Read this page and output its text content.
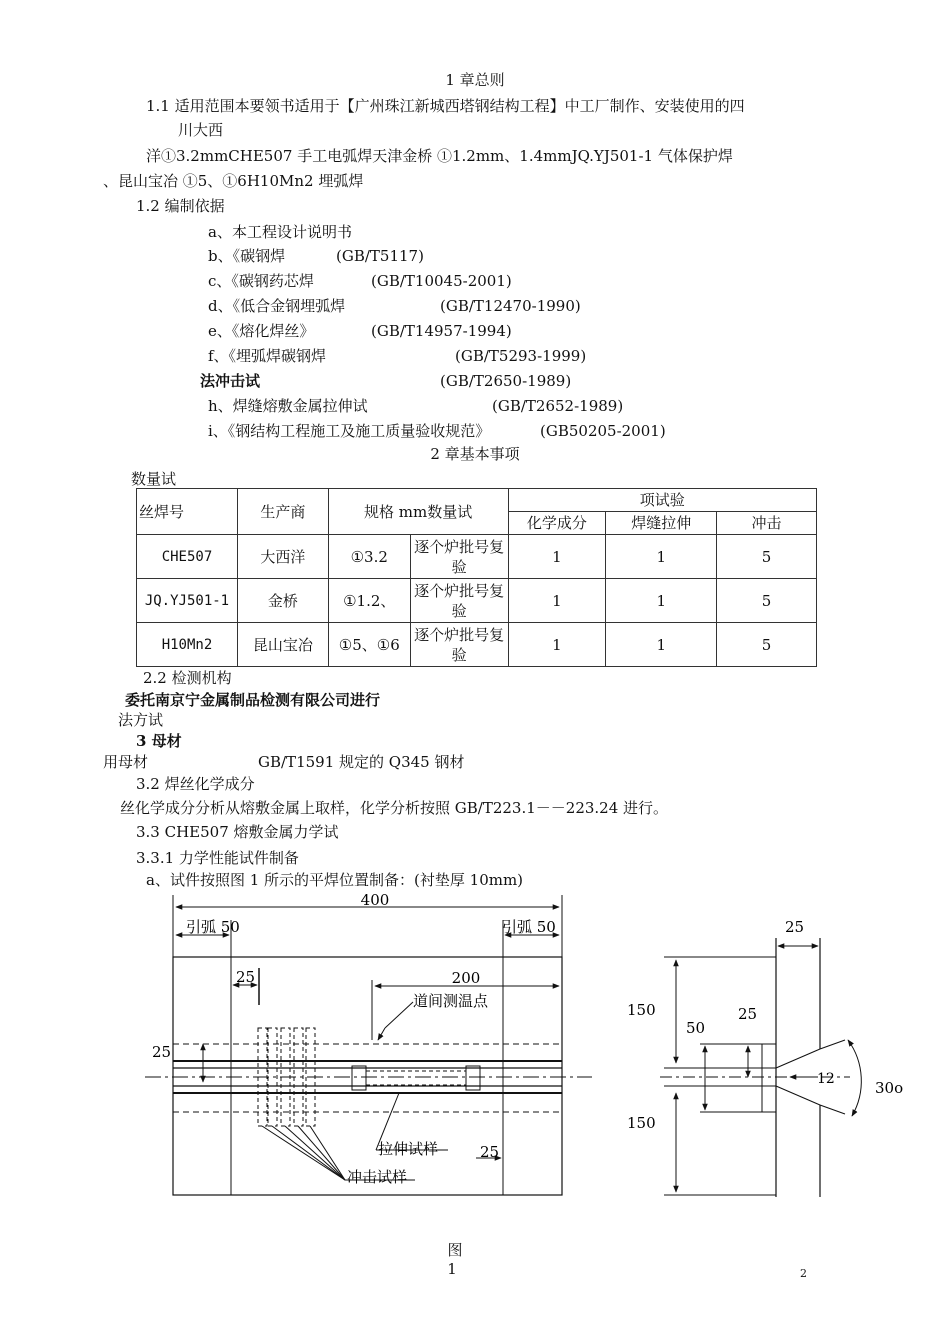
1 章总则
1.1 适用范围本要领书适用于【广州珠江新城西塔钢结构工程】中工厂制作、安装使用的四
川大西
洋①3.2mmCHE507 手工电弧焊天津金桥 ①1.2mm、1.4mmJQ.YJ501-1 气体保护焊
、昆山宝冶 ①5、①6H10Mn2 埋弧焊
1.2 编制依据
a、本工程设计说明书
b、《碳钢焊	(GB/T5117)
c、《碳钢药芯焊	(GB/T10045-2001)
d、《低合金钢埋弧焊	(GB/T12470-1990)
e、《熔化焊丝》	(GB/T14957-1994)
f、《埋弧焊碳钢焊	(GB/T5293-1999)
法冲击试	(GB/T2650-1989)
h、焊缝熔敷金属拉伸试	(GB/T2652-1989)
i、《钢结构工程施工及施工质量验收规范》	(GB50205-2001)
2 章基本事项
数量试
丝焊号	生产商	规格 mm数量试		项试验		
				化学成分	焊缝拉伸	冲击
CHE507	大西洋	①3.2	逐个炉批号复验	1	1	5
JQ.YJ501-1	金桥	①1.2、	逐个炉批号复验	1	1	5
H10Mn2	昆山宝冶	①5、①6	逐个炉批号复验	1	1	5
2.2 检测机构
委托南京宁金属制品检测有限公司进行
法方试
3 母材
用母材	GB/T1591 规定的 Q345 钢材
3.2 焊丝化学成分
丝化学成分分析从熔敷金属上取样，化学分析按照 GB/T223.1－－223.24 进行。
3.3 CHE507 熔敷金属力学试
3.3.1 力学性能试件制备
a、试件按照图 1 所示的平焊位置制备：(衬垫厚 10mm)
400
引弧 50	引弧 50
25	200
道间测温点
25
拉伸试样
冲击试样
25
25
150
50
25
12	30o
150
图
1	2
